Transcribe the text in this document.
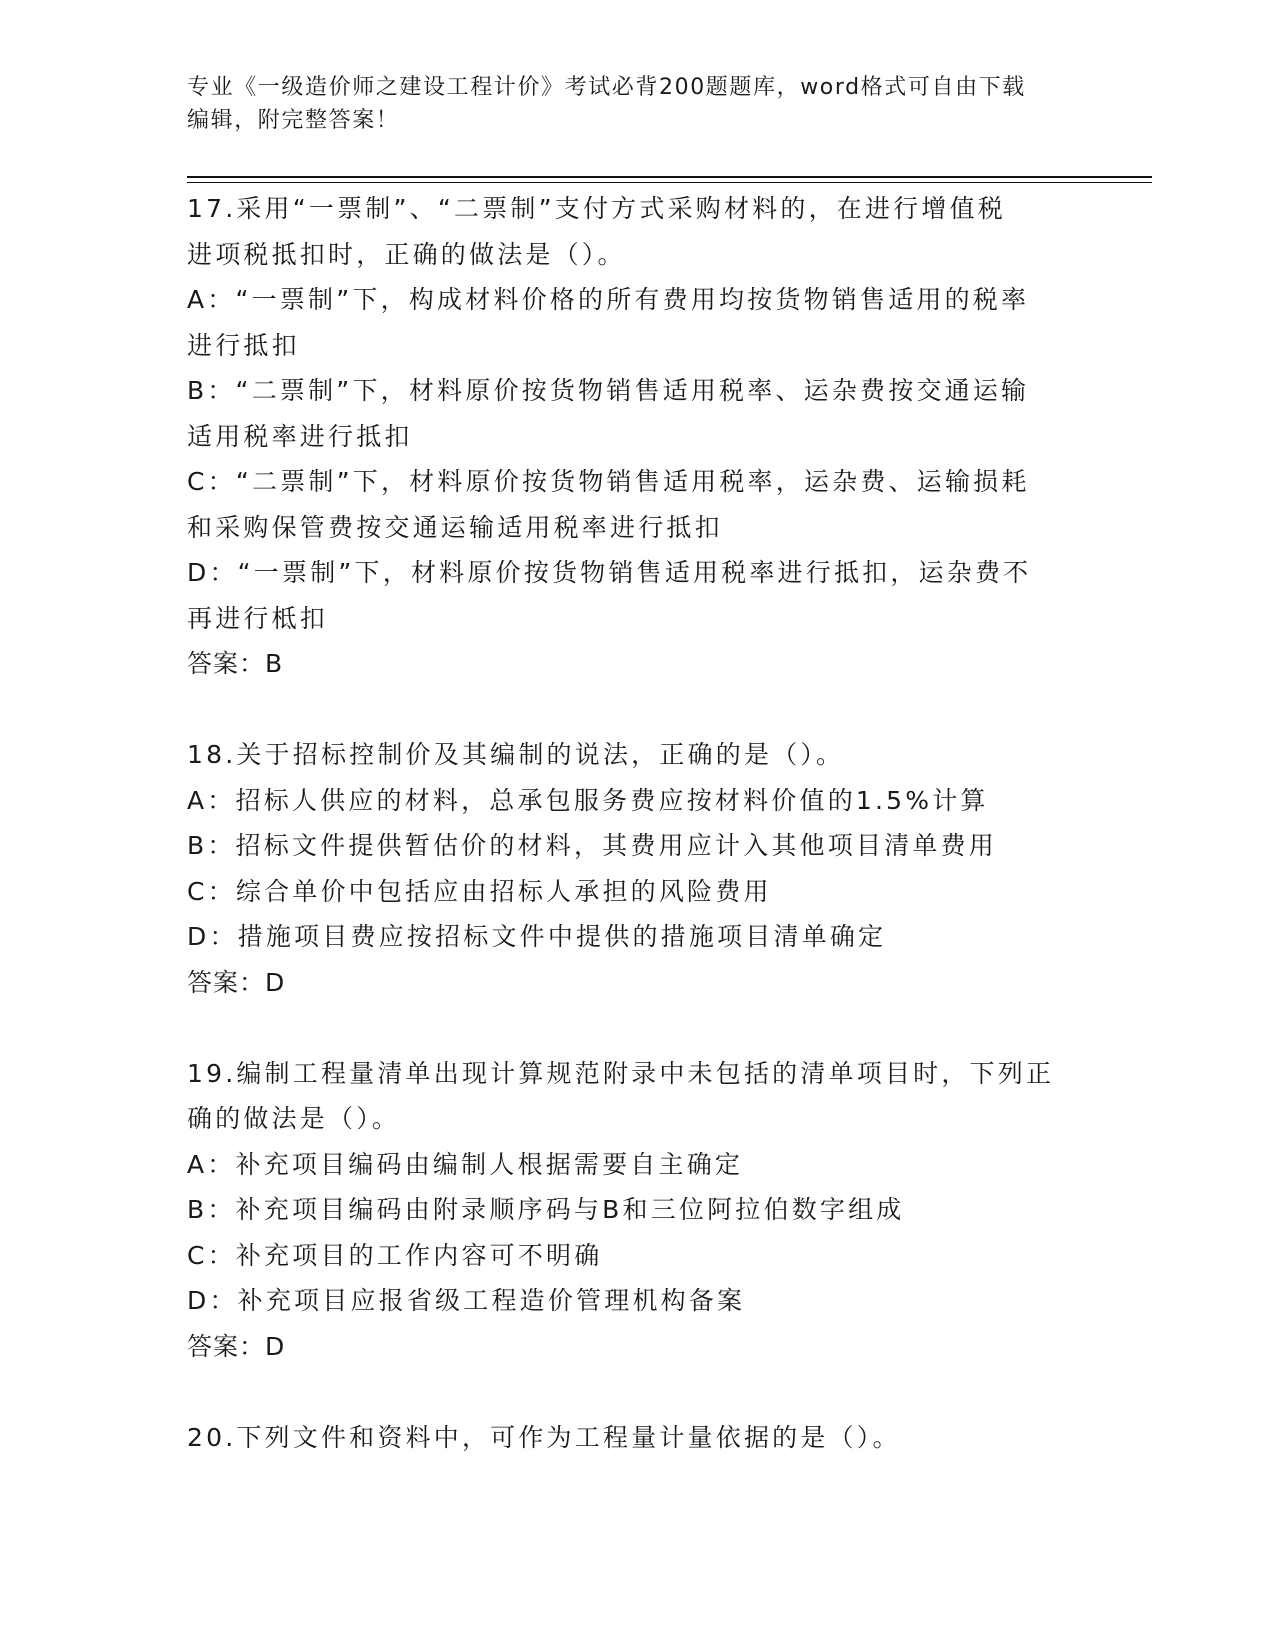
专业《一级造价师之建设工程计价》考试必背200题题库，word格式可自由下载
编辑，附完整答案！
17.采用“一票制”、“二票制”支付方式采购材料的，在进行增值税
进项税抵扣时，正确的做法是（）。
A：“一票制”下，构成材料价格的所有费用均按货物销售适用的税率
进行抵扣
B：“二票制”下，材料原价按货物销售适用税率、运杂费按交通运输
适用税率进行抵扣
C：“二票制”下，材料原价按货物销售适用税率，运杂费、运输损耗
和采购保管费按交通运输适用税率进行抵扣
D：“一票制”下，材料原价按货物销售适用税率进行抵扣，运杂费不
再进行柢扣
答案：B
18.关于招标控制价及其编制的说法，正确的是（）。
A：招标人供应的材料，总承包服务费应按材料价值的1.5%计算
B：招标文件提供暂估价的材料，其费用应计入其他项目清单费用
C：综合单价中包括应由招标人承担的风险费用
D：措施项目费应按招标文件中提供的措施项目清单确定
答案：D
19.编制工程量清单出现计算规范附录中未包括的清单项目时，下列正
确的做法是（）。
A：补充项目编码由编制人根据需要自主确定
B：补充项目编码由附录顺序码与B和三位阿拉伯数字组成
C：补充项目的工作内容可不明确
D：补充项目应报省级工程造价管理机构备案
答案：D
20.下列文件和资料中，可作为工程量计量依据的是（）。
